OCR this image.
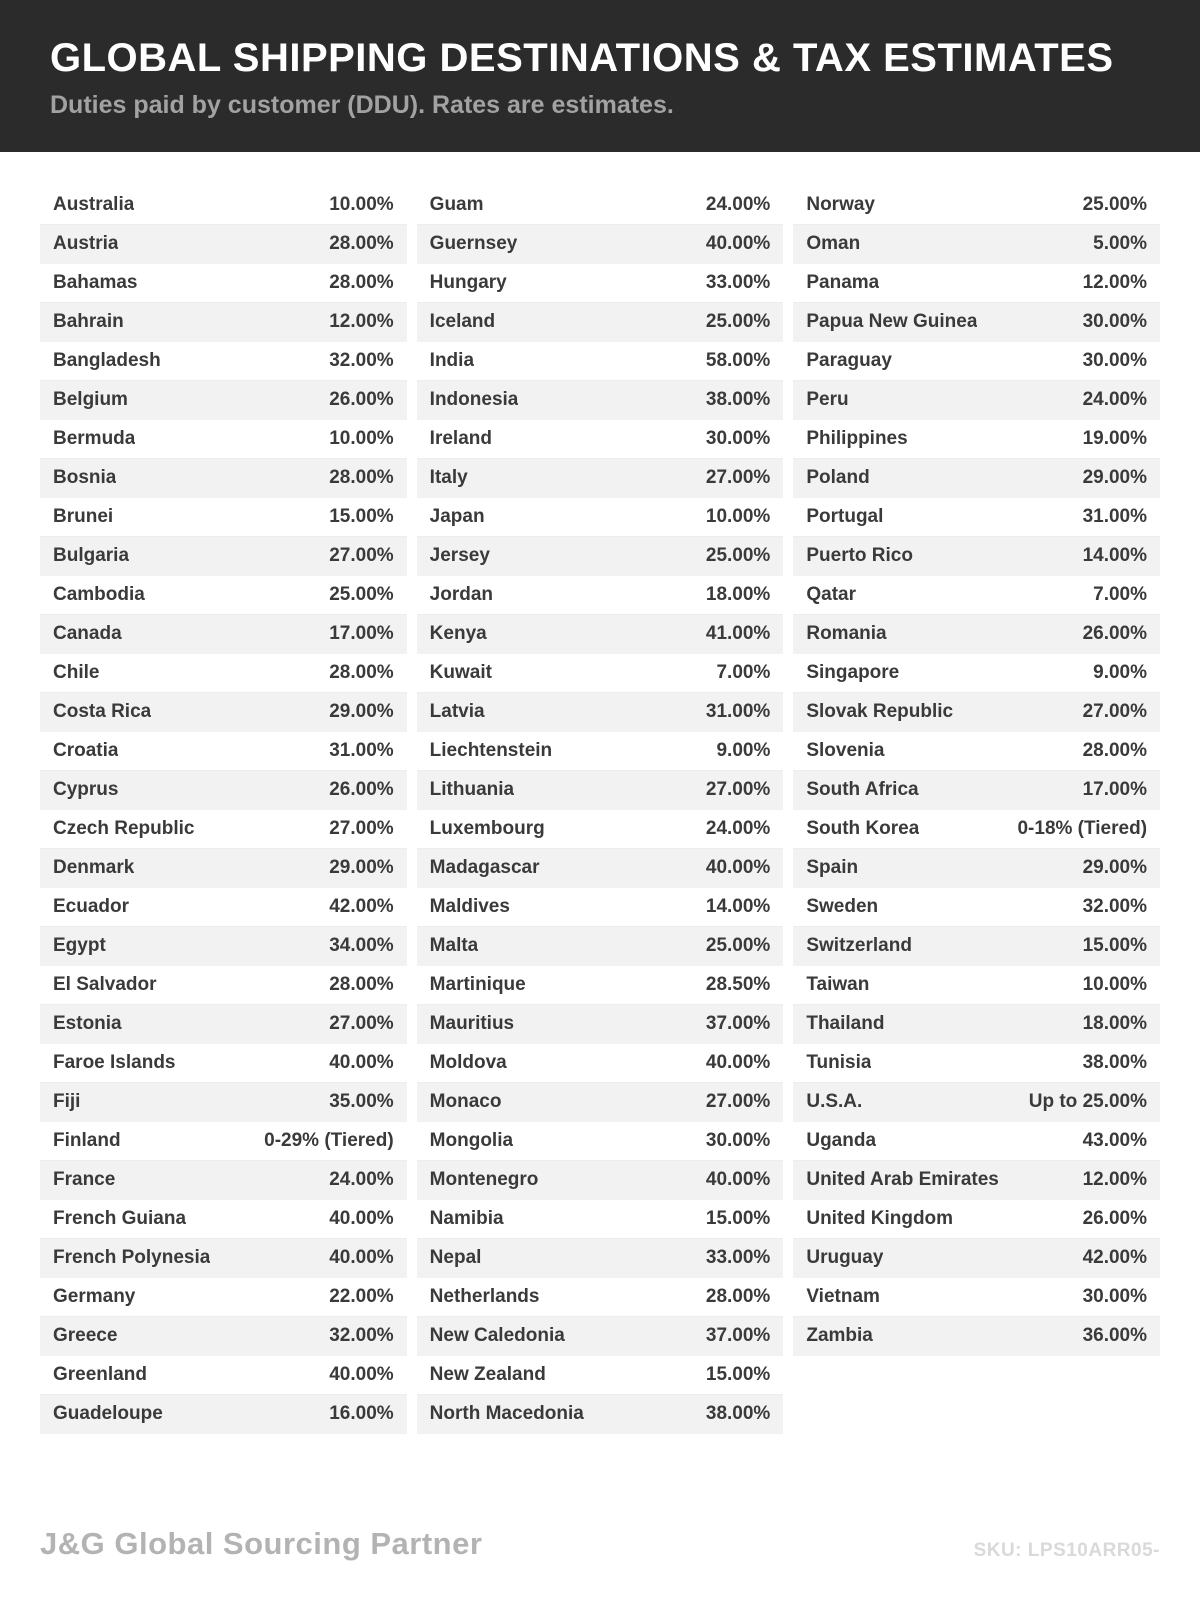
GLOBAL SHIPPING DESTINATIONS & TAX ESTIMATES
Duties paid by customer (DDU). Rates are estimates.
Australia	10.00%
Austria	28.00%
Bahamas	28.00%
Bahrain	12.00%
Bangladesh	32.00%
Belgium	26.00%
Bermuda	10.00%
Bosnia	28.00%
Brunei	15.00%
Bulgaria	27.00%
Cambodia	25.00%
Canada	17.00%
Chile	28.00%
Costa Rica	29.00%
Croatia	31.00%
Cyprus	26.00%
Czech Republic	27.00%
Denmark	29.00%
Ecuador	42.00%
Egypt	34.00%
El Salvador	28.00%
Estonia	27.00%
Faroe Islands	40.00%
Fiji	35.00%
Finland	0-29% (Tiered)
France	24.00%
French Guiana	40.00%
French Polynesia	40.00%
Germany	22.00%
Greece	32.00%
Greenland	40.00%
Guadeloupe	16.00%
Guam	24.00%
Guernsey	40.00%
Hungary	33.00%
Iceland	25.00%
India	58.00%
Indonesia	38.00%
Ireland	30.00%
Italy	27.00%
Japan	10.00%
Jersey	25.00%
Jordan	18.00%
Kenya	41.00%
Kuwait	7.00%
Latvia	31.00%
Liechtenstein	9.00%
Lithuania	27.00%
Luxembourg	24.00%
Madagascar	40.00%
Maldives	14.00%
Malta	25.00%
Martinique	28.50%
Mauritius	37.00%
Moldova	40.00%
Monaco	27.00%
Mongolia	30.00%
Montenegro	40.00%
Namibia	15.00%
Nepal	33.00%
Netherlands	28.00%
New Caledonia	37.00%
New Zealand	15.00%
North Macedonia	38.00%
Norway	25.00%
Oman	5.00%
Panama	12.00%
Papua New Guinea	30.00%
Paraguay	30.00%
Peru	24.00%
Philippines	19.00%
Poland	29.00%
Portugal	31.00%
Puerto Rico	14.00%
Qatar	7.00%
Romania	26.00%
Singapore	9.00%
Slovak Republic	27.00%
Slovenia	28.00%
South Africa	17.00%
South Korea	0-18% (Tiered)
Spain	29.00%
Sweden	32.00%
Switzerland	15.00%
Taiwan	10.00%
Thailand	18.00%
Tunisia	38.00%
U.S.A.	Up to 25.00%
Uganda	43.00%
United Arab Emirates	12.00%
United Kingdom	26.00%
Uruguay	42.00%
Vietnam	30.00%
Zambia	36.00%
J&G Global Sourcing Partner	SKU: LPS10ARR05-
